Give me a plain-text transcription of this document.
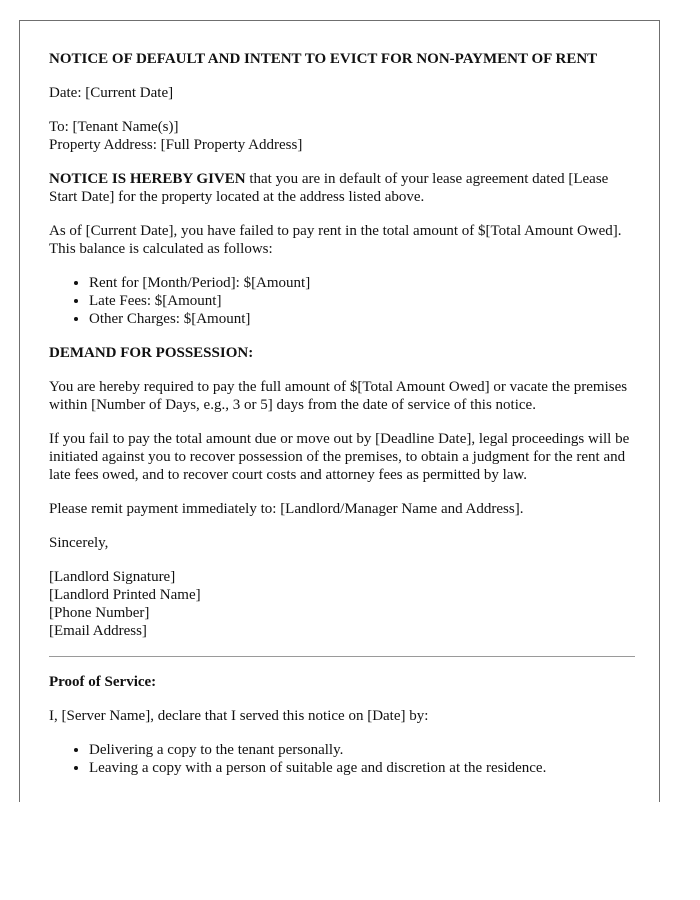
NOTICE OF DEFAULT AND INTENT TO EVICT FOR NON-PAYMENT OF RENT

Date: [Current Date]

To: [Tenant Name(s)]
Property Address: [Full Property Address]

NOTICE IS HEREBY GIVEN that you are in default of your lease agreement dated [Lease Start Date] for the property located at the address listed above.

As of [Current Date], you have failed to pay rent in the total amount of $[Total Amount Owed]. This balance is calculated as follows:

• Rent for [Month/Period]: $[Amount]
• Late Fees: $[Amount]
• Other Charges: $[Amount]

DEMAND FOR POSSESSION:

You are hereby required to pay the full amount of $[Total Amount Owed] or vacate the premises within [Number of Days, e.g., 3 or 5] days from the date of service of this notice.

If you fail to pay the total amount due or move out by [Deadline Date], legal proceedings will be initiated against you to recover possession of the premises, to obtain a judgment for the rent and late fees owed, and to recover court costs and attorney fees as permitted by law.

Please remit payment immediately to: [Landlord/Manager Name and Address].

Sincerely,

[Landlord Signature]
[Landlord Printed Name]
[Phone Number]
[Email Address]

Proof of Service:

I, [Server Name], declare that I served this notice on [Date] by:

• Delivering a copy to the tenant personally.
• Leaving a copy with a person of suitable age and discretion at the residence.
